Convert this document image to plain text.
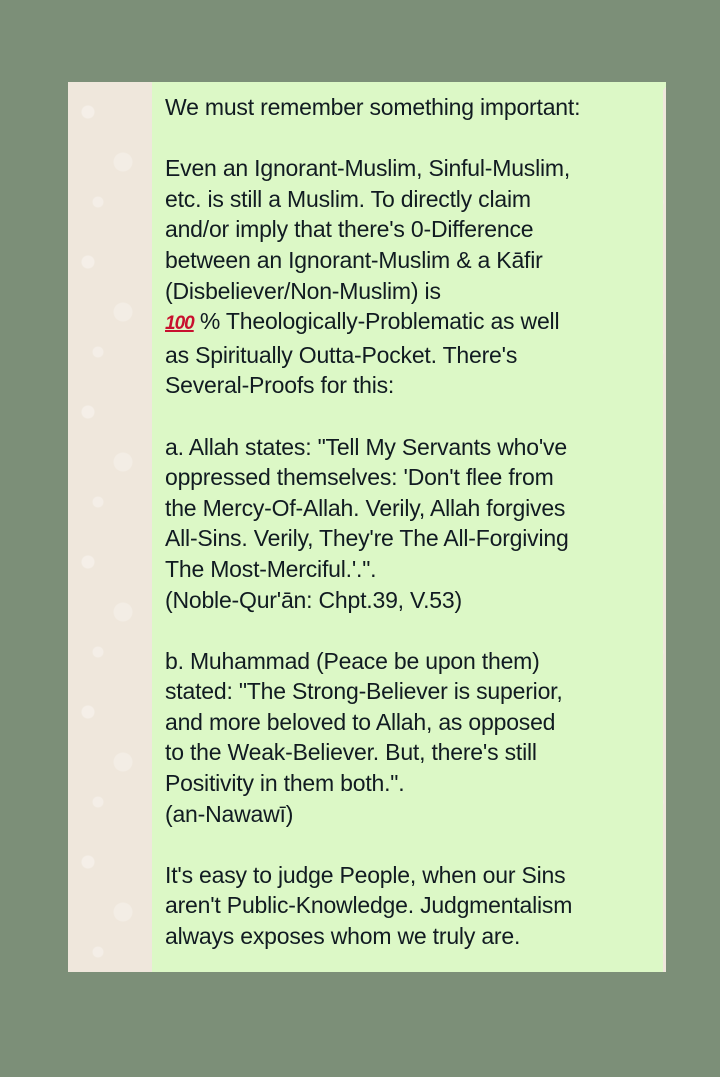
We must remember something important:

Even an Ignorant-Muslim, Sinful-Muslim,
etc. is still a Muslim. To directly claim
and/or imply that there's 0-Difference
between an Ignorant-Muslim & a Kāfir
(Disbeliever/Non-Muslim) is
100 % Theologically-Problematic as well
as Spiritually Outta-Pocket. There's
Several-Proofs for this:

a. Allah states: "Tell My Servants who've
oppressed themselves: 'Don't flee from
the Mercy-Of-Allah. Verily, Allah forgives
All-Sins. Verily, They're The All-Forgiving
The Most-Merciful.'.".
(Noble-Qur'ān: Chpt.39, V.53)

b. Muhammad (Peace be upon them)
stated: "The Strong-Believer is superior,
and more beloved to Allah, as opposed
to the Weak-Believer. But, there's still
Positivity in them both.".
(an-Nawawī)

It's easy to judge People, when our Sins
aren't Public-Knowledge. Judgmentalism
always exposes whom we truly are.
